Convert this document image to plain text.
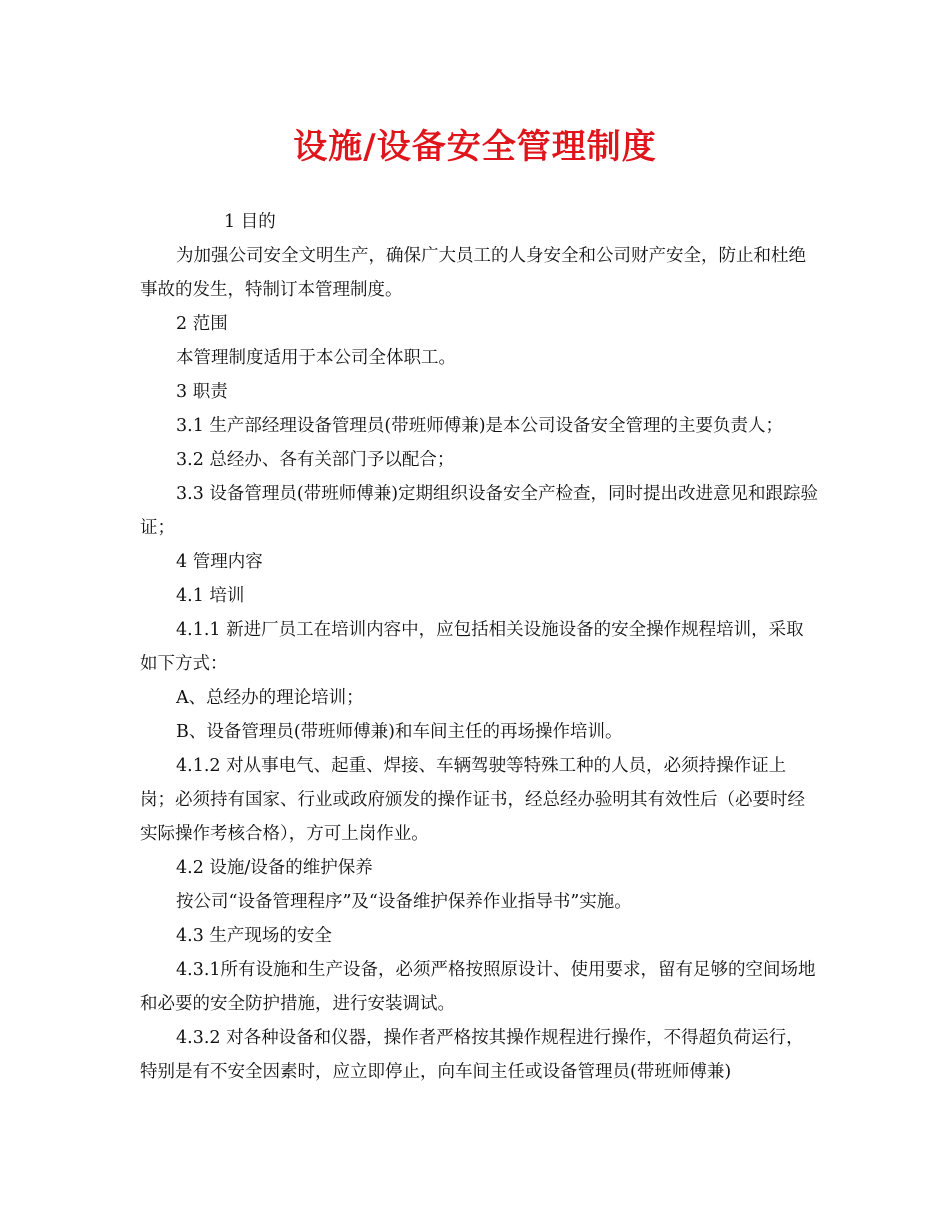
设施/设备安全管理制度

1 目的

为加强公司安全文明生产，确保广大员工的人身安全和公司财产安全，防止和杜绝事故的发生，特制订本管理制度。

2 范围

本管理制度适用于本公司全体职工。

3 职责

3.1 生产部经理设备管理员(带班师傅兼)是本公司设备安全管理的主要负责人；

3.2 总经办、各有关部门予以配合；

3.3 设备管理员(带班师傅兼)定期组织设备安全产检查，同时提出改进意见和跟踪验证；

4 管理内容

4.1 培训

4.1.1 新进厂员工在培训内容中，应包括相关设施设备的安全操作规程培训，采取如下方式：

A、总经办的理论培训；

B、设备管理员(带班师傅兼)和车间主任的再场操作培训。

4.1.2 对从事电气、起重、焊接、车辆驾驶等特殊工种的人员，必须持操作证上岗；必须持有国家、行业或政府颁发的操作证书，经总经办验明其有效性后（必要时经实际操作考核合格），方可上岗作业。

4.2 设施/设备的维护保养

按公司“设备管理程序”及“设备维护保养作业指导书”实施。

4.3 生产现场的安全

4.3.1所有设施和生产设备，必须严格按照原设计、使用要求，留有足够的空间场地和必要的安全防护措施，进行安装调试。

4.3.2 对各种设备和仪器，操作者严格按其操作规程进行操作，不得超负荷运行，特别是有不安全因素时，应立即停止，向车间主任或设备管理员(带班师傅兼)
